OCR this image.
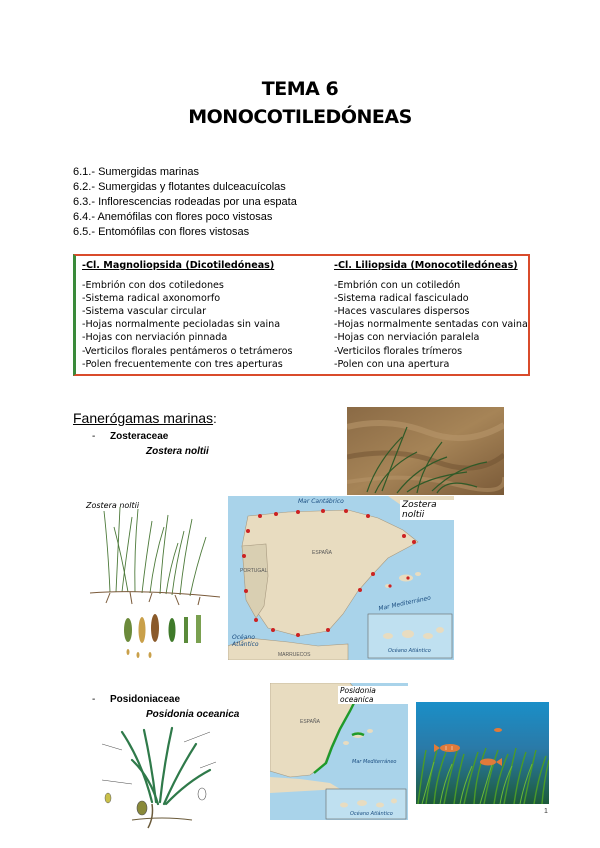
TEMA 6
MONOCOTILEDÓNEAS
6.1.- Sumergidas marinas
6.2.- Sumergidas y flotantes dulceacuícolas
6.3.- Inflorescencias rodeadas por una espata
6.4.- Anemófilas con flores poco vistosas
6.5.- Entomófilas con flores vistosas
-Cl. Magnoliopsida (Dicotiledóneas)
-Embrión con dos cotiledones
-Sistema radical axonomorfo
-Sistema vascular circular
-Hojas normalmente pecioladas sin vaina
-Hojas con nerviación pinnada
-Verticilos florales pentámeros o tetrámeros
-Polen frecuentemente con tres aperturas
-Cl. Liliopsida (Monocotiledóneas)
-Embrión con un cotiledón
-Sistema radical fasciculado
-Haces vasculares dispersos
-Hojas normalmente sentadas con vaina
-Hojas con nerviación paralela
-Verticilos florales trímeros
-Polen con una apertura
Fanerógamas marinas:
- Zosteraceae
Zostera noltii
Zostera noltii	Zostera noltii
Mar Cantábrico
Mar Mediterráneo
Océano Atlántico
ESPAÑA
PORTUGAL
MARRUECOS
Océano Atlántico
- Posidoniaceae
Posidonia oceanica
Posidonia oceanica
Mar Mediterráneo
Océano Atlántico
ESPAÑA
1
